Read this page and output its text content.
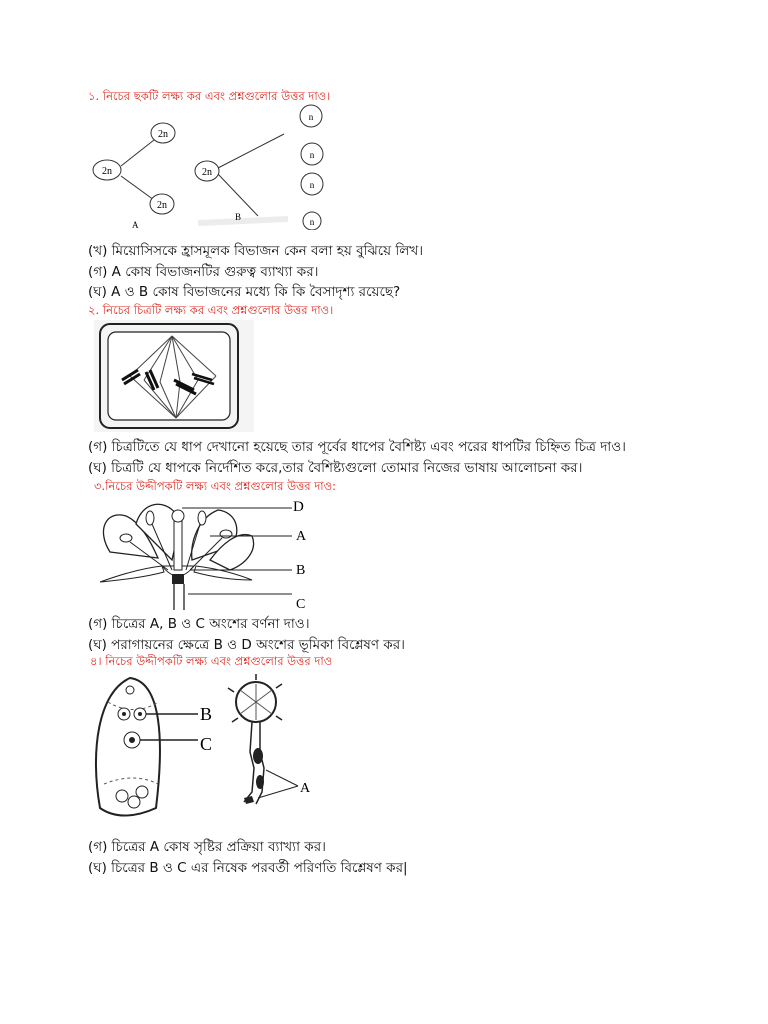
১. নিচের ছকটি লক্ষ্য কর এবং প্রশ্নগুলোর উত্তর দাও।
2n
2n
2n
A
2n
B
n
n
n
n
(খ) মিয়োসিসকে হ্রাসমূলক বিভাজন কেন বলা হয় বুঝিয়ে লিখ।
(গ) A কোষ বিভাজনটির গুরুত্ব ব্যাখ্যা কর।
(ঘ) A ও B কোষ বিভাজনের মধ্যে কি কি বৈসাদৃশ্য রয়েছে?
২. নিচের চিত্রটি লক্ষ্য কর এবং প্রশ্নগুলোর উত্তর দাও।
(গ) চিত্রটিতে যে ধাপ দেখানো হয়েছে তার পূর্বের ধাপের বৈশিষ্ট্য এবং পরের ধাপটির চিহ্নিত চিত্র দাও।
(ঘ) চিত্রটি যে ধাপকে নির্দেশিত করে,তার বৈশিষ্ট্যগুলো তোমার নিজের ভাষায় আলোচনা কর।
৩.নিচের উদ্দীপকটি লক্ষ্য এবং প্রশ্নগুলোর উত্তর দাও:
D
A
B
C
(গ) চিত্রের A, B ও C অংশের বর্ণনা দাও।
(ঘ) পরাগায়নের ক্ষেত্রে B ও D অংশের ভূমিকা বিশ্লেষণ কর।
৪। নিচের উদ্দীপকটি লক্ষ্য এবং প্রশ্নগুলোর উত্তর দাও
B
C
A
(গ) চিত্রের A কোষ সৃষ্টির প্রক্রিয়া ব্যাখ্যা কর।
(ঘ) চিত্রের B ও C এর নিষেক পরবর্তী পরিণতি বিশ্লেষণ কর|
